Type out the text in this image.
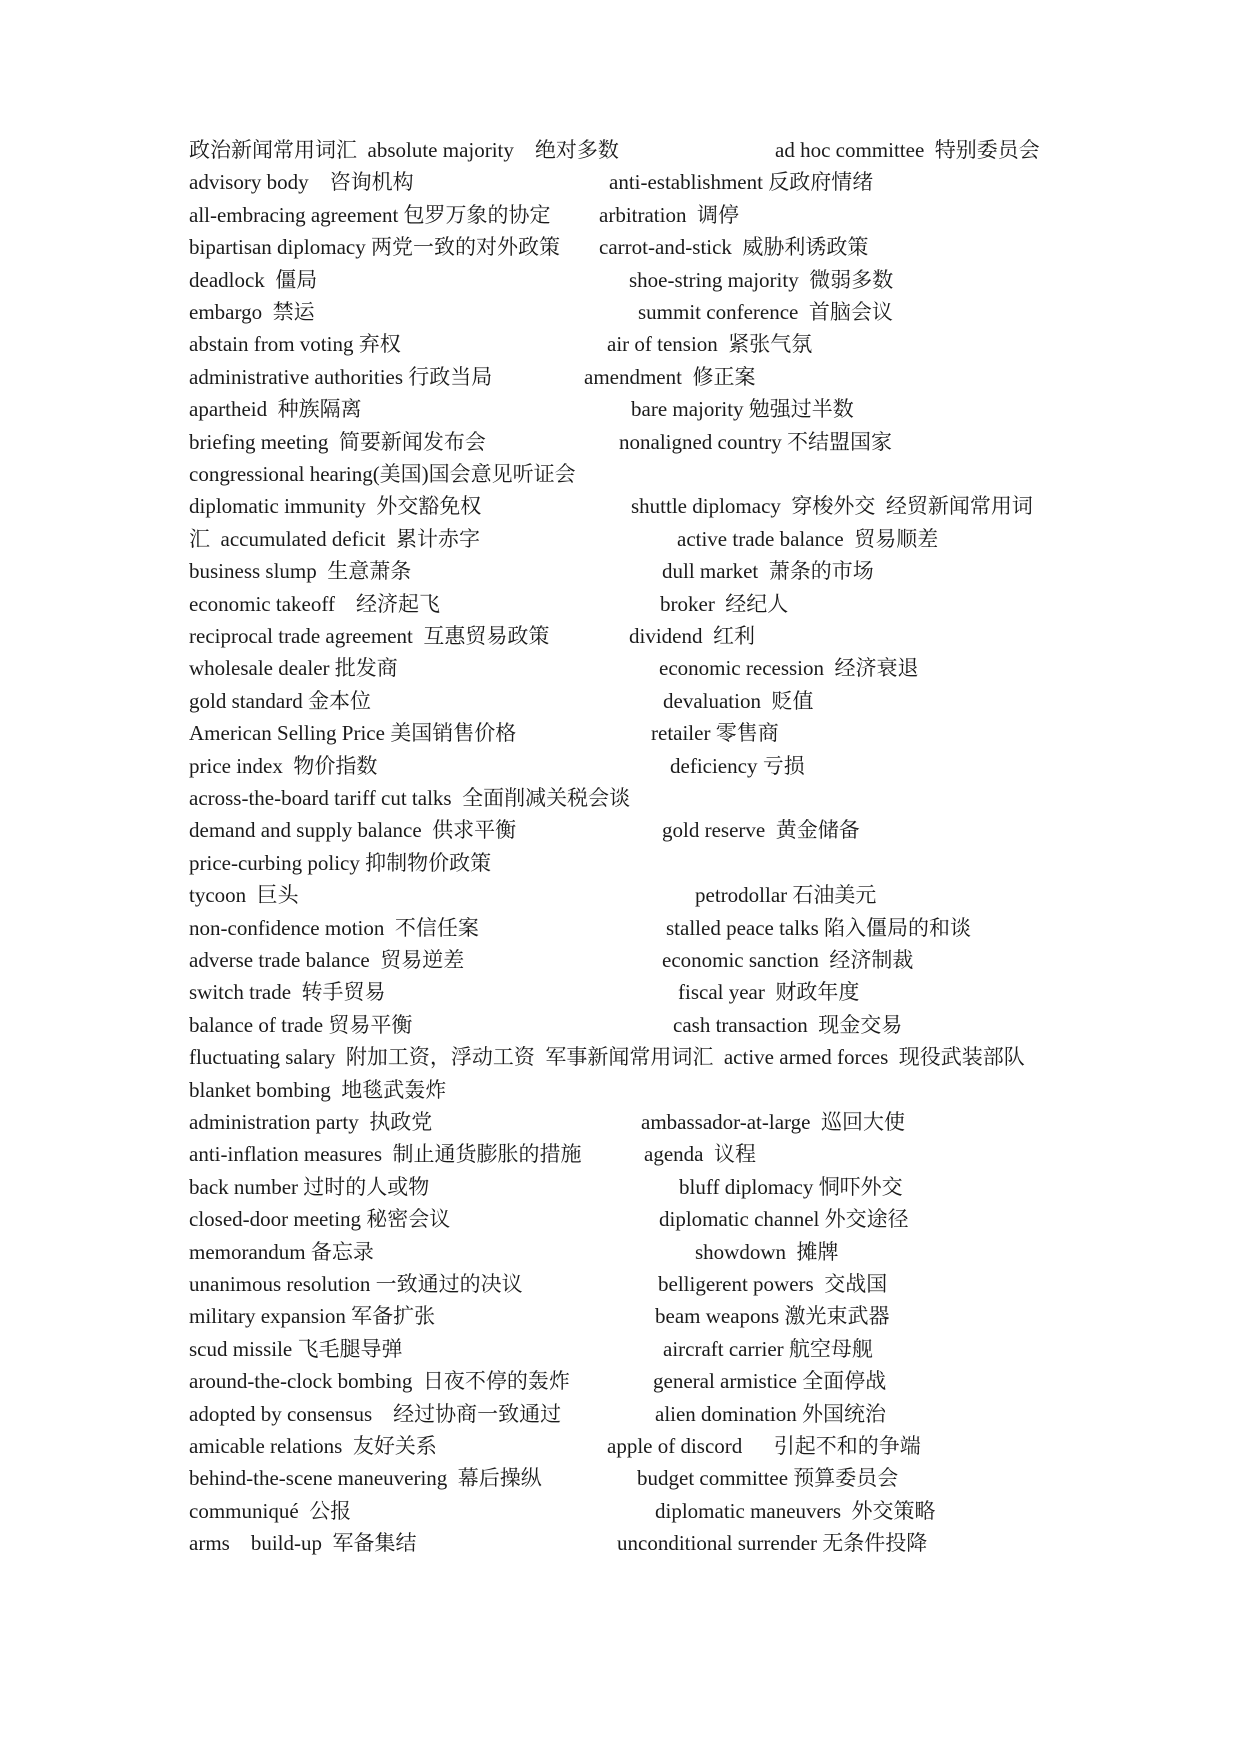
政治新闻常用词汇  absolute majority    绝对多数	ad hoc committee  特别委员会
advisory body    咨询机构	anti-establishment 反政府情绪
all-embracing agreement 包罗万象的协定 arbitration  调停
bipartisan diplomacy 两党一致的对外政策 carrot-and-stick  威胁利诱政策
deadlock  僵局	shoe-string majority  微弱多数
embargo  禁运	summit conference  首脑会议
abstain from voting 弃权	air of tension  紧张气氛
administrative authorities 行政当局	amendment  修正案
apartheid  种族隔离	bare majority 勉强过半数
briefing meeting  简要新闻发布会	nonaligned country 不结盟国家
congressional hearing(美国)国会意见听证会
diplomatic immunity  外交豁免权	shuttle diplomacy  穿梭外交  经贸新闻常用词
汇  accumulated deficit  累计赤字	active trade balance  贸易顺差
business slump  生意萧条	dull market  萧条的市场
economic takeoff    经济起飞	broker  经纪人
reciprocal trade agreement  互惠贸易政策	dividend  红利
wholesale dealer 批发商	economic recession  经济衰退
gold standard 金本位	devaluation  贬值
American Selling Price 美国销售价格	retailer 零售商
price index  物价指数	deficiency 亏损
across-the-board tariff cut talks  全面削减关税会谈
demand and supply balance  供求平衡	gold reserve  黄金储备
price-curbing policy 抑制物价政策
tycoon  巨头	petrodollar 石油美元
non-confidence motion  不信任案	stalled peace talks 陷入僵局的和谈
adverse trade balance  贸易逆差	economic sanction  经济制裁
switch trade  转手贸易	fiscal year  财政年度
balance of trade 贸易平衡	cash transaction  现金交易
fluctuating salary  附加工资，浮动工资  军事新闻常用词汇  active armed forces  现役武装部队
blanket bombing  地毯武轰炸
administration party  执政党	ambassador-at-large  巡回大使
anti-inflation measures  制止通货膨胀的措施	agenda  议程
back number 过时的人或物	bluff diplomacy 恫吓外交
closed-door meeting 秘密会议	diplomatic channel 外交途径
memorandum 备忘录	showdown  摊牌
unanimous resolution 一致通过的决议	belligerent powers  交战国
military expansion 军备扩张	beam weapons 激光束武器
scud missile 飞毛腿导弹	aircraft carrier 航空母舰
around-the-clock bombing  日夜不停的轰炸	general armistice 全面停战
adopted by consensus    经过协商一致通过	alien domination 外国统治
amicable relations  友好关系	apple of discord      引起不和的争端
behind-the-scene maneuvering  幕后操纵	budget committee 预算委员会
communiqué  公报	diplomatic maneuvers  外交策略
arms    build-up  军备集结	unconditional surrender 无条件投降
